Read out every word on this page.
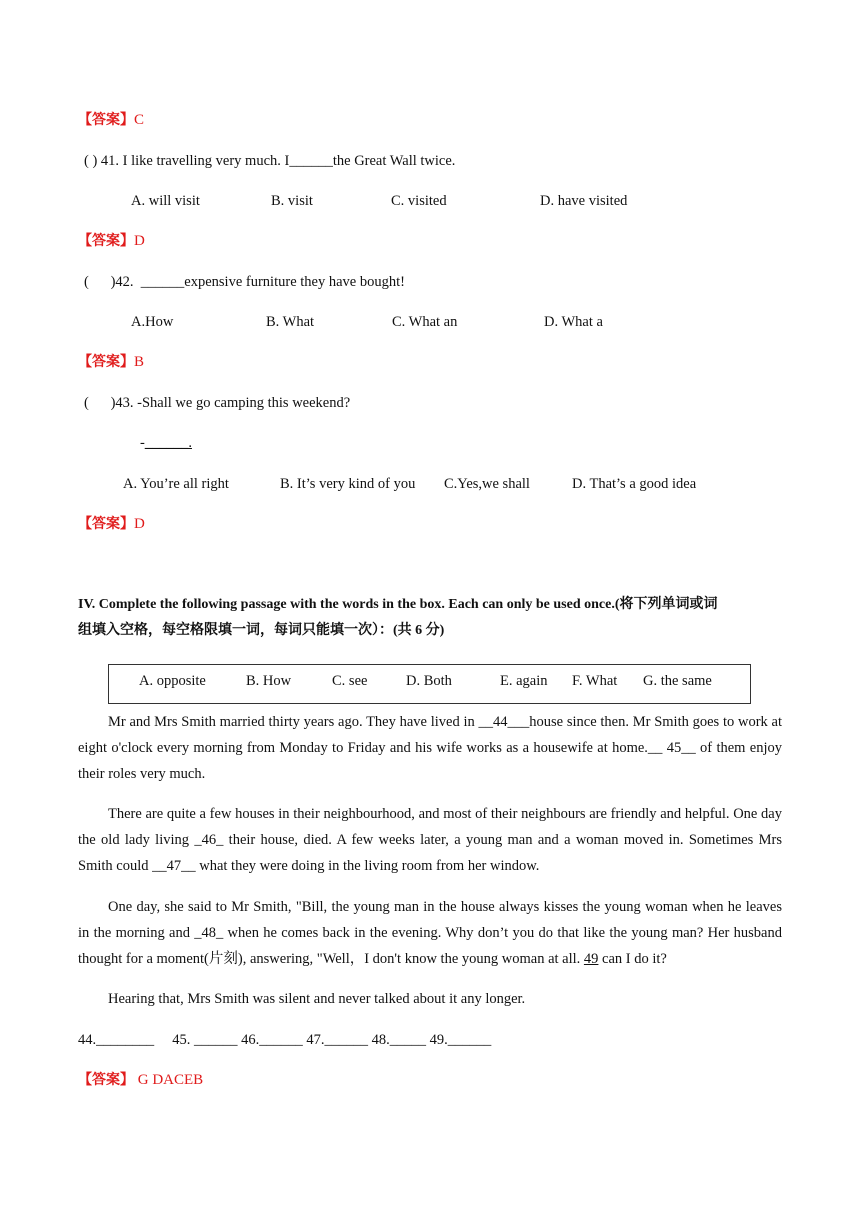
【答案】C
( ) 41. I like travelling very much. I______the Great Wall twice.
A. will visit	B. visit	C. visited	D. have visited
【答案】D
(      )42.  ______expensive furniture they have bought!
A.How	B. What	C. What an	D. What a
【答案】B
(      )43. -Shall we go camping this weekend?
-______.
A. You’re all right	B. It’s very kind of you C.Yes,we shall	D. That’s a good idea
【答案】D
IV. Complete the following passage with the words in the box. Each can only be used once.(将下列单词或词
组填入空格，每空格限填一词，每词只能填一次）：(共 6 分)
A. opposite	B. How	C. see	D. Both	E. again F. What G. the same

Mr and Mrs Smith married thirty years ago. They have lived in __44___house since then. Mr Smith goes to work at eight o'clock every morning from Monday to Friday and his wife works as a housewife at home.__ 45__ of them enjoy their roles very much.

There are quite a few houses in their neighbourhood, and most of their neighbours are friendly and helpful. One day the old lady living _46_ their house, died. A few weeks later, a young man and a woman moved in. Sometimes Mrs Smith could __47__ what they were doing in the living room from her window.

One day, she said to Mr Smith, "Bill, the young man in the house always kisses the young woman when he leaves in the morning and _48_ when he comes back in the evening. Why don’t you do that like the young man? Her husband thought for a moment(片刻), answering, "Well，I don't know the young woman at all. 49 can I do it?

Hearing that, Mrs Smith was silent and never talked about it any longer.

44.________     45. ______ 46.______ 47.______ 48._____ 49.______
【答案】 G DACEB
